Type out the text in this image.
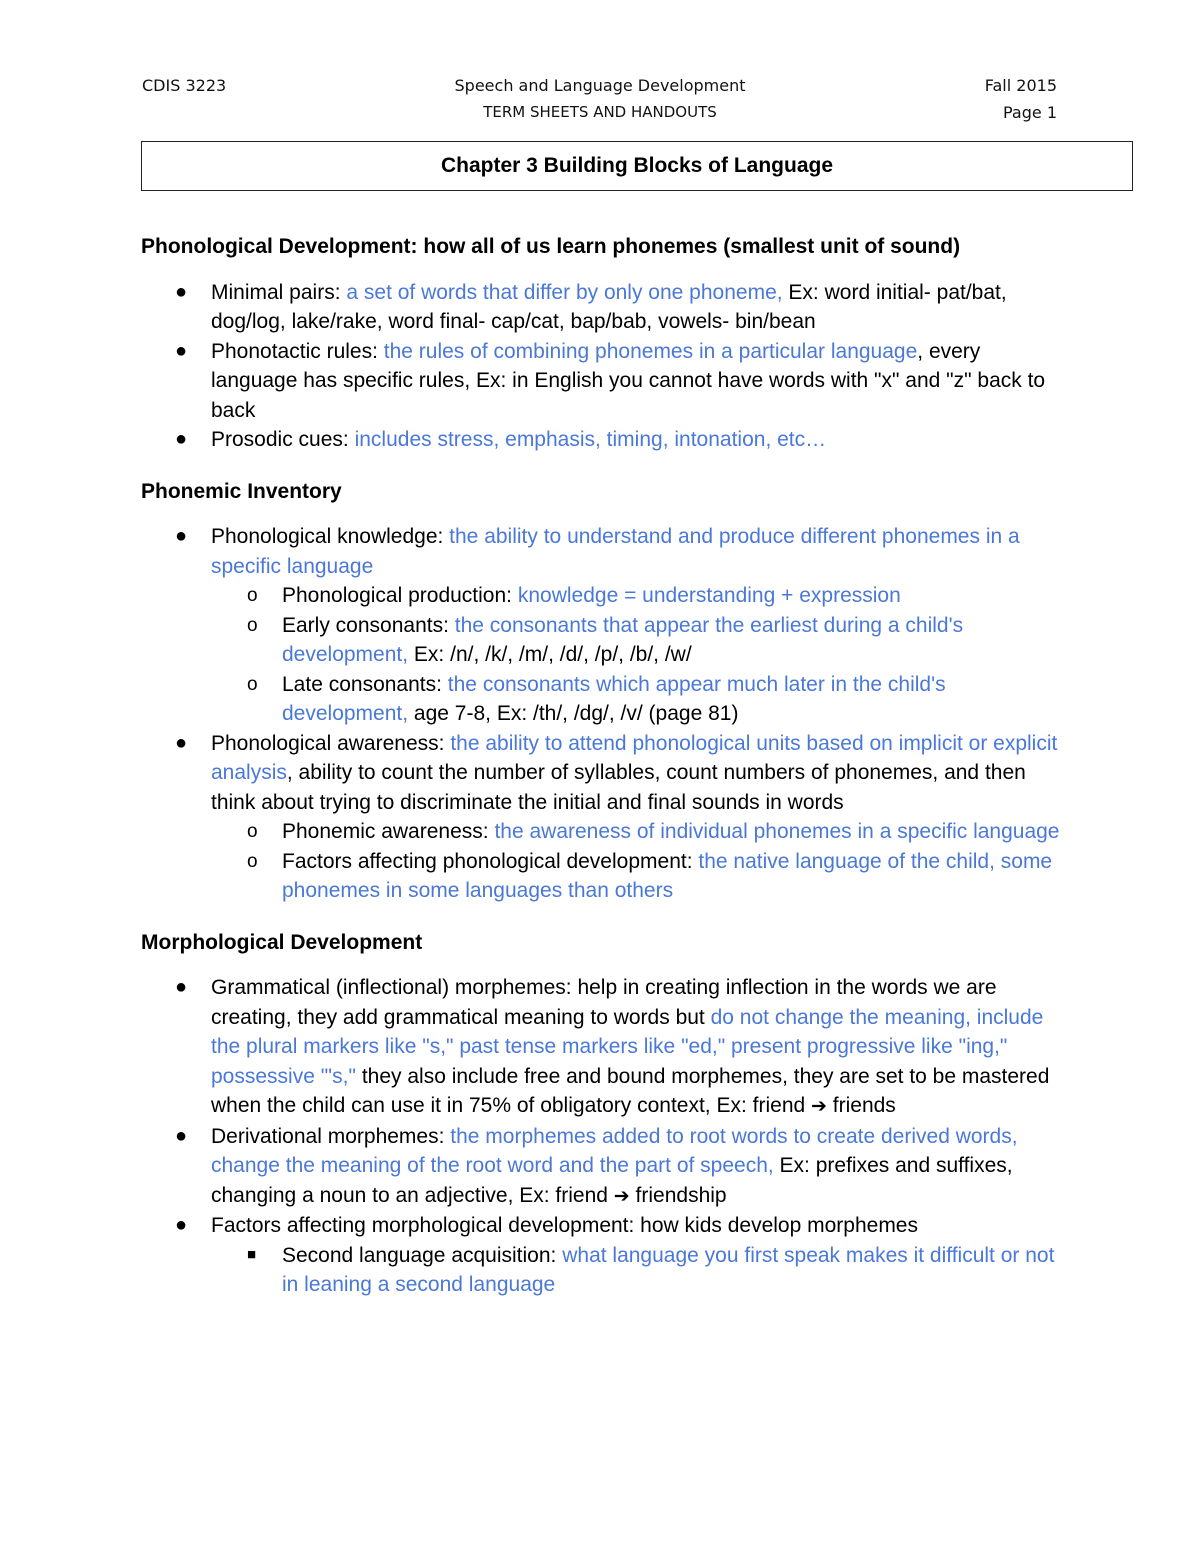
CDIS 3223	Speech and Language Development
TERM SHEETS AND HANDOUTS
Fall 2015
Page 1
Chapter 3 Building Blocks of Language

Phonological Development: how all of us learn phonemes (smallest unit of sound)

● Minimal pairs: a set of words that differ by only one phoneme, Ex: word initial- pat/bat, dog/log, lake/rake, word final- cap/cat, bap/bab, vowels- bin/bean
● Phonotactic rules: the rules of combining phonemes in a particular language, every language has specific rules, Ex: in English you cannot have words with "x" and "z" back to back
● Prosodic cues: includes stress, emphasis, timing, intonation, etc…

Phonemic Inventory

● Phonological knowledge: the ability to understand and produce different phonemes in a specific language
o Phonological production: knowledge = understanding + expression
o Early consonants: the consonants that appear the earliest during a child's development, Ex: /n/, /k/, /m/, /d/, /p/, /b/, /w/
o Late consonants: the consonants which appear much later in the child's development, age 7-8, Ex: /th/, /dg/, /v/ (page 81)
● Phonological awareness: the ability to attend phonological units based on implicit or explicit analysis, ability to count the number of syllables, count numbers of phonemes, and then think about trying to discriminate the initial and final sounds in words
o Phonemic awareness: the awareness of individual phonemes in a specific language
o Factors affecting phonological development: the native language of the child, some phonemes in some languages than others

Morphological Development

● Grammatical (inflectional) morphemes: help in creating inflection in the words we are creating, they add grammatical meaning to words but do not change the meaning, include the plural markers like "s," past tense markers like "ed," present progressive like "ing," possessive "'s," they also include free and bound morphemes, they are set to be mastered when the child can use it in 75% of obligatory context, Ex: friend ➔ friends
● Derivational morphemes: the morphemes added to root words to create derived words, change the meaning of the root word and the part of speech, Ex: prefixes and suffixes, changing a noun to an adjective, Ex: friend ➔ friendship
● Factors affecting morphological development: how kids develop morphemes
■ Second language acquisition: what language you first speak makes it difficult or not in leaning a second language
